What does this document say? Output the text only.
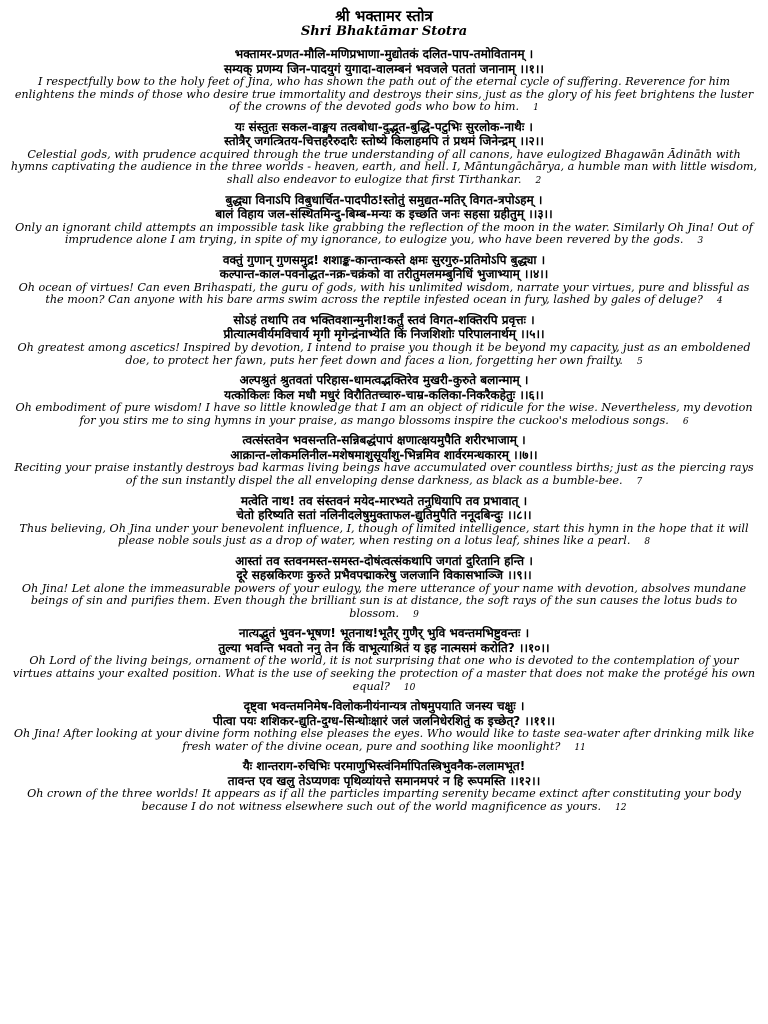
श्री भक्तामर स्तोत्र

Shri Bhaktāmar Stotra

भक्तामर-प्रणत-मौलि-मणिप्रभाणा-मुद्योतकं दलित-पाप-तमोवितानम् ।

सम्यक् प्रणम्य जिन-पादयुगं युगादा-वालम्बनं भवजले पततां जनानाम् ।।१।।

I respectfully bow to the holy feet of Jina, who has shown the path out of the eternal cycle of suffering. Reverence for him enlightens the minds of those who desire true immortality and destroys their sins, just as the glory of his feet brightens the luster of the crowns of the devoted gods who bow to him. 1

यः संस्तुतः सकल-वाङ्मय तत्वबोधा-दुद्भूत-बुद्धि-पटुभिः सुरलोक-नाथैः ।

स्तोत्रैर् जगत्त्रितय-चित्तहरैरुदारैः स्तोष्ये किलाहमपि तं प्रथमं जिनेन्द्रम् ।।२।।

Celestial gods, with prudence acquired through the true understanding of all canons, have eulogized Bhagawān Ādināth with hymns captivating the audience in the three worlds - heaven, earth, and hell. I, Māntungāchārya, a humble man with little wisdom, shall also endeavor to eulogize that first Tirthankar. 2

बुद्ध्या विनाऽपि विबुधार्चित-पादपीठ!स्तोतुं समुद्यत-मतिर् विगत-त्रपोऽहम् ।

बालं विहाय जल-संस्थितमिन्दु-बिम्ब-मन्यः क इच्छति जनः सहसा ग्रहीतुम् ।।३।।

Only an ignorant child attempts an impossible task like grabbing the reflection of the moon in the water. Similarly Oh Jina! Out of imprudence alone I am trying, in spite of my ignorance, to eulogize you, who have been revered by the gods. 3

वक्तुं गुणान् गुणसमुद्र! शशाङ्क-कान्तान्कस्ते क्षमः सुरगुरु-प्रतिमोऽपि बुद्ध्या ।

कल्पान्त-काल-पवनोद्धत-नक्र-चक्रंको वा तरीतुमलमम्बुनिधिं भुजाभ्याम् ।।४।।

Oh ocean of virtues! Can even Brihaspati, the guru of gods, with his unlimited wisdom, narrate your virtues, pure and blissful as the moon? Can anyone with his bare arms swim across the reptile infested ocean in fury, lashed by gales of deluge? 4

सोऽहं तथापि तव भक्तिवशान्मुनीश!कर्तुं स्तवं विगत-शक्तिरपि प्रवृत्तः ।

प्रीत्यात्मवीर्यमविचार्य मृगी मृगेन्द्रंनाभ्येति किं निजशिशोः परिपालनार्थम् ।।५।।

Oh greatest among ascetics! Inspired by devotion, I intend to praise you though it be beyond my capacity, just as an emboldened doe, to protect her fawn, puts her feet down and faces a lion, forgetting her own frailty. 5

अल्पश्रुतं श्रुतवतां परिहास-धामत्वद्भक्तिरेव मुखरी-कुरुते बलान्माम् ।

यत्कोकिलः किल मधौ मधुरं विरौतितच्चारु-चाम्र-कलिका-निकरैकहेतुः ।।६।।

Oh embodiment of pure wisdom! I have so little knowledge that I am an object of ridicule for the wise. Nevertheless, my devotion for you stirs me to sing hymns in your praise, as mango blossoms inspire the cuckoo's melodious songs. 6

त्वत्संस्तवेन भवसन्तति-सन्निबद्धंपापं क्षणात्क्षयमुपैति शरीरभाजाम् ।

आक्रान्त-लोकमलिनील-मशेषमाशुसूर्यांशु-भिन्नमिव शार्वरमन्धकारम् ।।७।।

Reciting your praise instantly destroys bad karmas living beings have accumulated over countless births; just as the piercing rays of the sun instantly dispel the all enveloping dense darkness, as black as a bumble-bee. 7

मत्वेति नाथ! तव संस्तवनं मयेद-मारभ्यते तनुधियापि तव प्रभावात् ।

चेतो हरिष्यति सतां नलिनीदलेषुमुक्ताफल-द्युतिमुपैति ननूदबिन्दुः ।।८।।

Thus believing, Oh Jina under your benevolent influence, I, though of limited intelligence, start this hymn in the hope that it will please noble souls just as a drop of water, when resting on a lotus leaf, shines like a pearl. 8

आस्तां तव स्तवनमस्त-समस्त-दोषंत्वत्संकथापि जगतां दुरितानि हन्ति ।

दूरे सहस्रकिरणः कुरुते प्रभैवपद्माकरेषु जलजानि विकासभाञ्जि ।।९।।

Oh Jina! Let alone the immeasurable powers of your eulogy, the mere utterance of your name with devotion, absolves mundane beings of sin and purifies them. Even though the brilliant sun is at distance, the soft rays of the sun causes the lotus buds to blossom. 9

नात्यद्भुतं भुवन-भूषण! भूतनाथ!भूतैर् गुणैर् भुवि भवन्तमभिष्टुवन्तः ।

तुल्या भवन्ति भवतो ननु तेन किं वाभूत्याश्रितं य इह नात्मसमं करोति? ।।१०।।

Oh Lord of the living beings, ornament of the world, it is not surprising that one who is devoted to the contemplation of your virtues attains your exalted position. What is the use of seeking the protection of a master that does not make the protégé his own equal? 10

दृष्ट्वा भवन्तमनिमेष-विलोकनीयंनान्यत्र तोषमुपयाति जनस्य चक्षुः ।

पीत्वा पयः शशिकर-द्युति-दुग्ध-सिन्धोःक्षारं जलं जलनिधेरशितुं क इच्छेत्? ।।११।।

Oh Jina! After looking at your divine form nothing else pleases the eyes. Who would like to taste sea-water after drinking milk like fresh water of the divine ocean, pure and soothing like moonlight? 11

यैः शान्तराग-रुचिभिः परमाणुभिस्त्वंनिर्मापितस्त्रिभुवनैक-ललामभूत!

तावन्त एव खलु तेऽप्यणवः पृथिव्यांयत्ते समानमपरं न हि रूपमस्ति ।।१२।।

Oh crown of the three worlds! It appears as if all the particles imparting serenity became extinct after constituting your body because I do not witness elsewhere such out of the world magnificence as yours. 12
